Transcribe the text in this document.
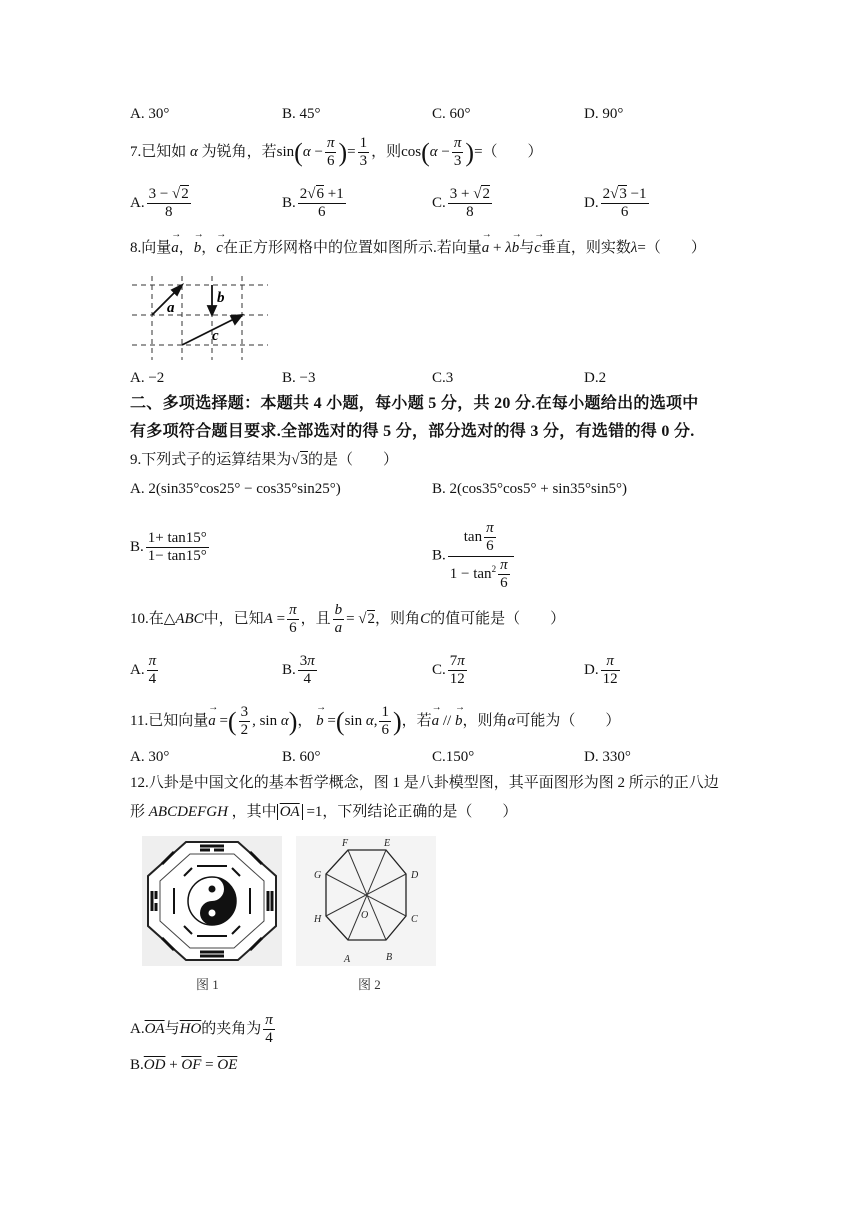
A. 30°	B. 45°	C. 60°	D. 90°
7.已知如 α 为锐角，若$\sin(\alpha - \frac{\pi}{6}$ )= $\frac{1}{3}$ ，则$\cos(\alpha - \frac{\pi}{3}$ )=（　　）
A. $\frac{3 - √2}{8}$	B. $\frac{2√6 +1}{6}$	C. $\frac{3 + √2}{8}$	D. $\frac{2√3 -1}{6}$
8.向量→ a，→ b，→ c在正方形网格中的位置如图所示.若向量→ a + λ→ b与→ c垂直，则实数λ=（　　）
a
b
c
A. −2	B. −3	C.3	D.2
二、多项选择题：本题共 4 小题，每小题 5 分，共 20 分.在每小题给出的选项中
有多项符合题目要求.全部选对的得 5 分，部分选对的得 3 分，有选错的得 0 分.
9.下列式子的运算结果为√3的是（　　）
A. 2(sin35°cos25° − cos35°sin25°)	B. 2(cos35°cos5° + sin35°sin5°)
B. $\frac{1+ \tan 15^\circ}{1- \tan 15^\circ}$	B. $\frac{\tan \frac{\pi}{6}}{1 - \tan^2 \frac{\pi}{6}}$
10.在△ABC中，已知$A = \frac{\pi}{6}$ ，且 $\frac{b}{a} = √2$，则角C的值可能是（　　）
A. $\frac{\pi}{4}$	B. $\frac{3\pi}{4}$	C. $\frac{7\pi}{12}$	D. $\frac{\pi}{12}$
11.已知向量→ a =( $\frac{3}{2}$ , sin α)， → b =(sin α, $\frac{1}{6}$ )，若→ a // → b，则角α可能为（　　）
A. 30°	B. 60°	C.150°	D. 330°
12.八卦是中国文化的基本哲学概念，图 1 是八卦模型图，其平面图形为图 2 所示的正八边
形 ABCDEFGH ，其中 $\overline{OA} =1$，下列结论正确的是（　　）
A	B
C
D
E
F
G
H	O
图 1	图 2
$A.\overline{OA}$与$\overline{HO}$的夹角为 $\frac{\pi}{4}$
$B.\overline{OD} + \overline{OF} = \overline{OE}$
